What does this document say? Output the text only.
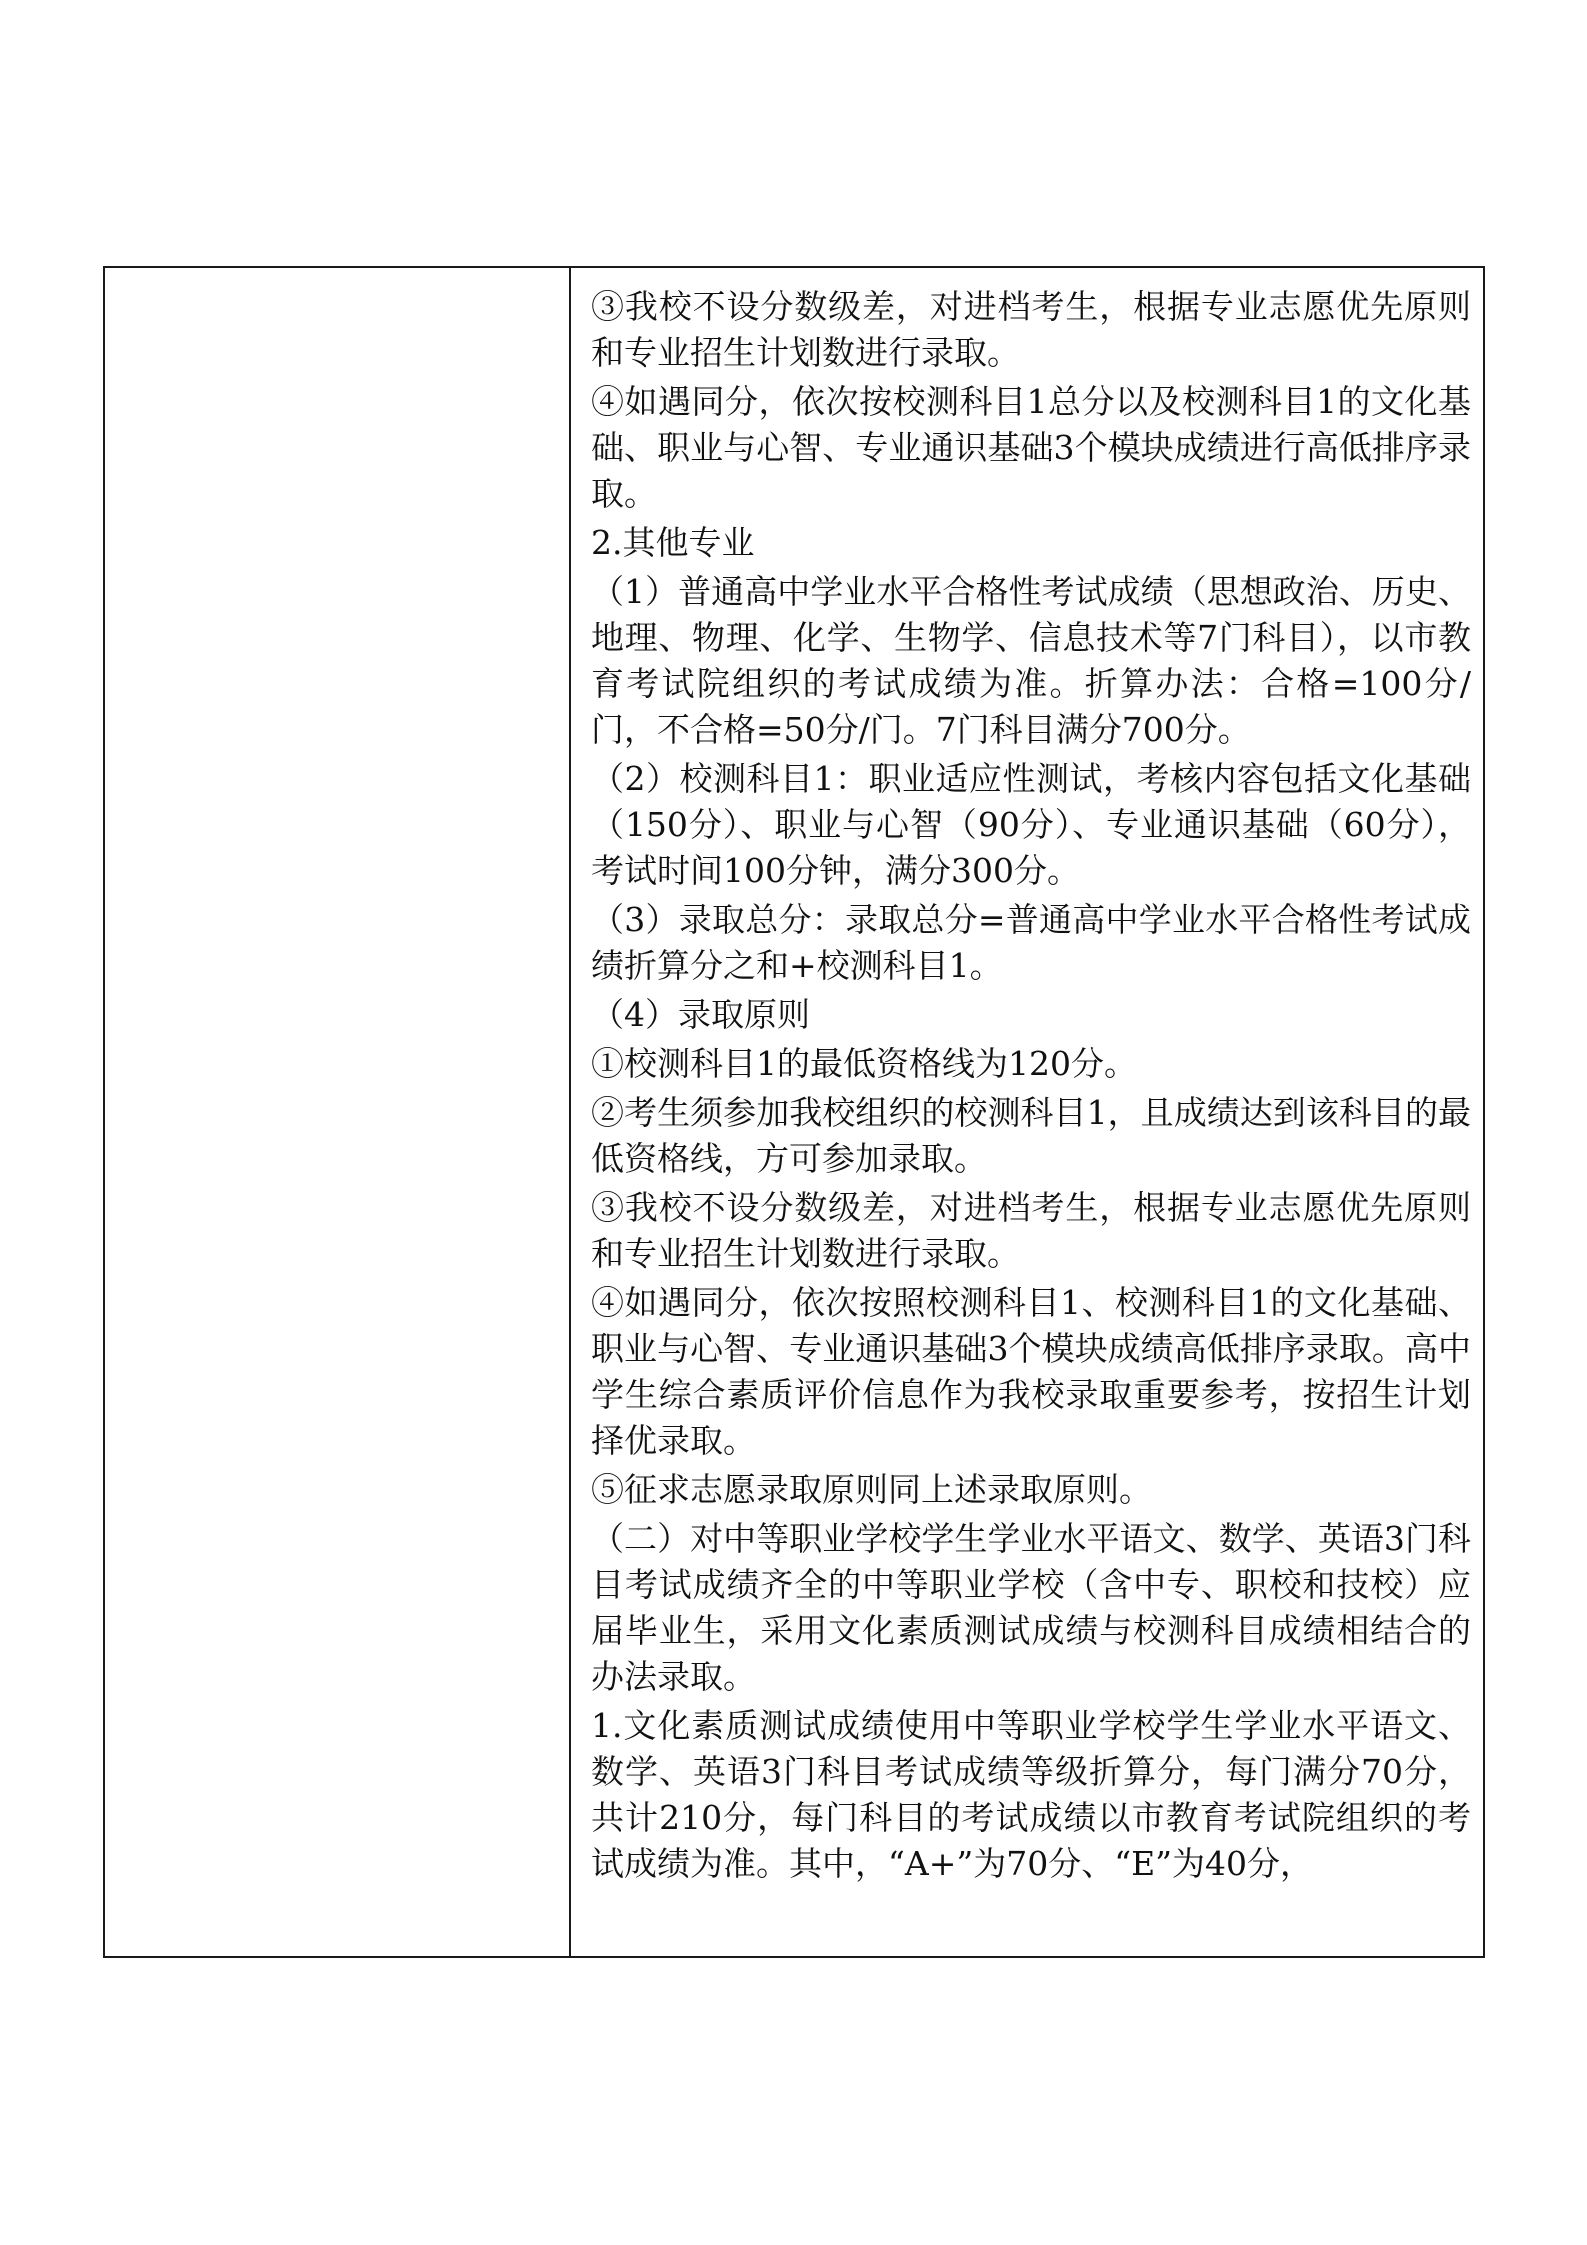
③我校不设分数级差，对进档考生，根据专业志愿优先原则和专业招生计划数进行录取。

④如遇同分，依次按校测科目1总分以及校测科目1的文化基础、职业与心智、专业通识基础3个模块成绩进行高低排序录取。

2.其他专业

（1）普通高中学业水平合格性考试成绩（思想政治、历史、地理、物理、化学、生物学、信息技术等7门科目），以市教育考试院组织的考试成绩为准。折算办法：合格=100分/门，不合格=50分/门。7门科目满分700分。

（2）校测科目1：职业适应性测试，考核内容包括文化基础（150分）、职业与心智（90分）、专业通识基础（60分），考试时间100分钟，满分300分。

（3）录取总分：录取总分=普通高中学业水平合格性考试成绩折算分之和+校测科目1。

（4）录取原则

①校测科目1的最低资格线为120分。

②考生须参加我校组织的校测科目1，且成绩达到该科目的最低资格线，方可参加录取。

③我校不设分数级差，对进档考生，根据专业志愿优先原则和专业招生计划数进行录取。

④如遇同分，依次按照校测科目1、校测科目1的文化基础、职业与心智、专业通识基础3个模块成绩高低排序录取。高中学生综合素质评价信息作为我校录取重要参考，按招生计划择优录取。

⑤征求志愿录取原则同上述录取原则。

（二）对中等职业学校学生学业水平语文、数学、英语3门科目考试成绩齐全的中等职业学校（含中专、职校和技校）应届毕业生，采用文化素质测试成绩与校测科目成绩相结合的办法录取。

1.文化素质测试成绩使用中等职业学校学生学业水平语文、数学、英语3门科目考试成绩等级折算分，每门满分70分，共计210分，每门科目的考试成绩以市教育考试院组织的考试成绩为准。其中，“A+”为70分、“E”为40分，
